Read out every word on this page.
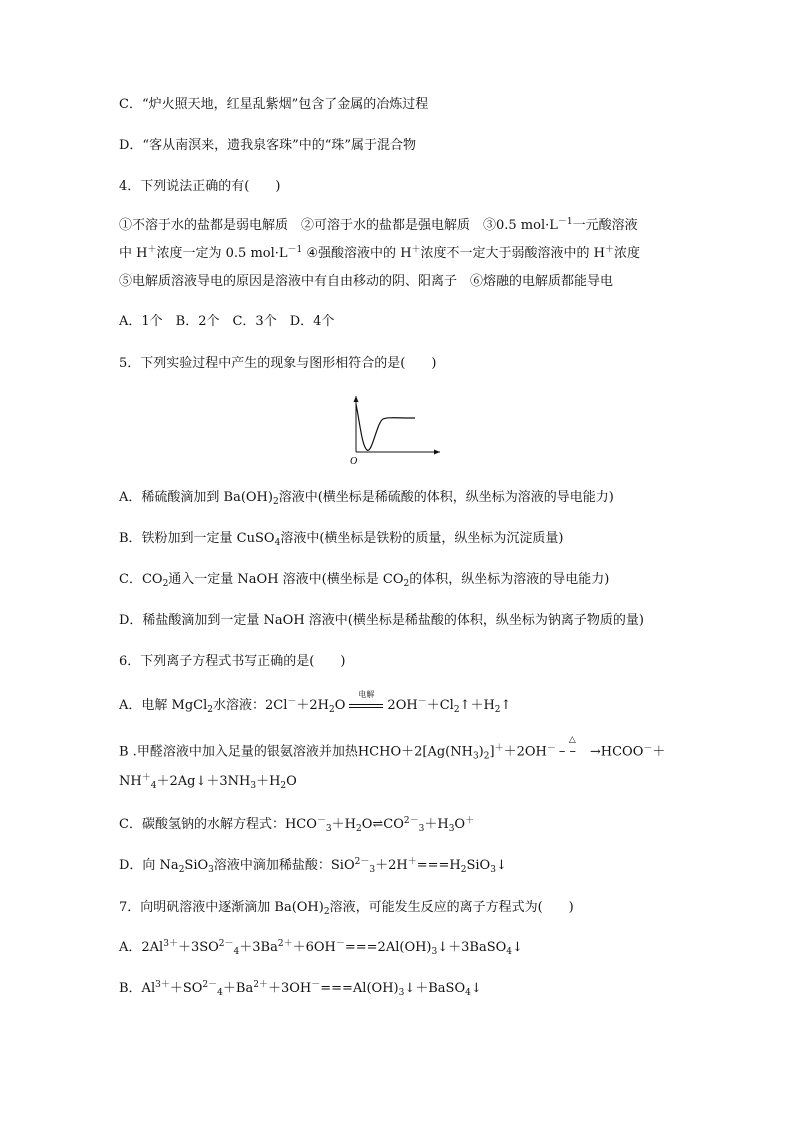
C．“炉火照天地，红星乱紫烟”包含了金属的冶炼过程
D．“客从南溟来，遗我泉客珠”中的“珠”属于混合物
4．下列说法正确的有(　　)
①不溶于水的盐都是弱电解质　②可溶于水的盐都是强电解质　③0.5 $mol\cdot L^{-1}$一元酸溶液
中 H＋浓度一定为 0.5 $mol\cdot L^{-1}$ ④强酸溶液中的 H＋浓度不一定大于弱酸溶液中的 H＋浓度
⑤电解质溶液导电的原因是溶液中有自由移动的阴、阳离子　⑥熔融的电解质都能导电
A．1个　B．2个　C．3个　D．4个
5．下列实验过程中产生的现象与图形相符合的是(　　)
O
A．稀硫酸滴加到 $Ba(OH)_2$溶液中(横坐标是稀硫酸的体积，纵坐标为溶液的导电能力)
B．铁粉加到一定量 CuSO$_4$溶液中(横坐标是铁粉的质量，纵坐标为沉淀质量)
C．$CO_2$通入一定量 NaOH 溶液中(横坐标是 $CO_2$的体积，纵坐标为溶液的导电能力)
D．稀盐酸滴加到一定量 NaOH 溶液中(横坐标是稀盐酸的体积，纵坐标为钠离子物质的量)
6．下列离子方程式书写正确的是(　　)
A．电解 MgCl$_2$水溶液：$2Cl^-+2H_2O$
电解
$2OH^-+Cl_2↑+H_2↑$
B .甲醛溶液中加入足量的银氨溶液并加热$HCHO+2[Ag(NH_3)_2]^++2OH^-$ –
△
– →HCOO－＋
$NH^+_4+2Ag↓+3NH_3+H_2O$
C．碳酸氢钠的水解方程式：$HCO^-_3+H_2O\rightleftharpoons CO^{2-}_3+H_3O^+$
D．向 $Na_2SiO_3$溶液中滴加稀盐酸：$SiO^{2-}_3+2H^+===H_2SiO_3↓$
7．向明矾溶液中逐渐滴加 $Ba(OH)_2$溶液，可能发生反应的离子方程式为(　　)
A．$2Al^{3+}+3SO^{2-}_4+3Ba^{2+}+6OH^-===2Al(OH)_3↓+3BaSO_4↓$
B．$Al^{3+}+SO^{2-}_4+Ba^{2+}+3OH^-===Al(OH)_3↓+BaSO_4↓$
